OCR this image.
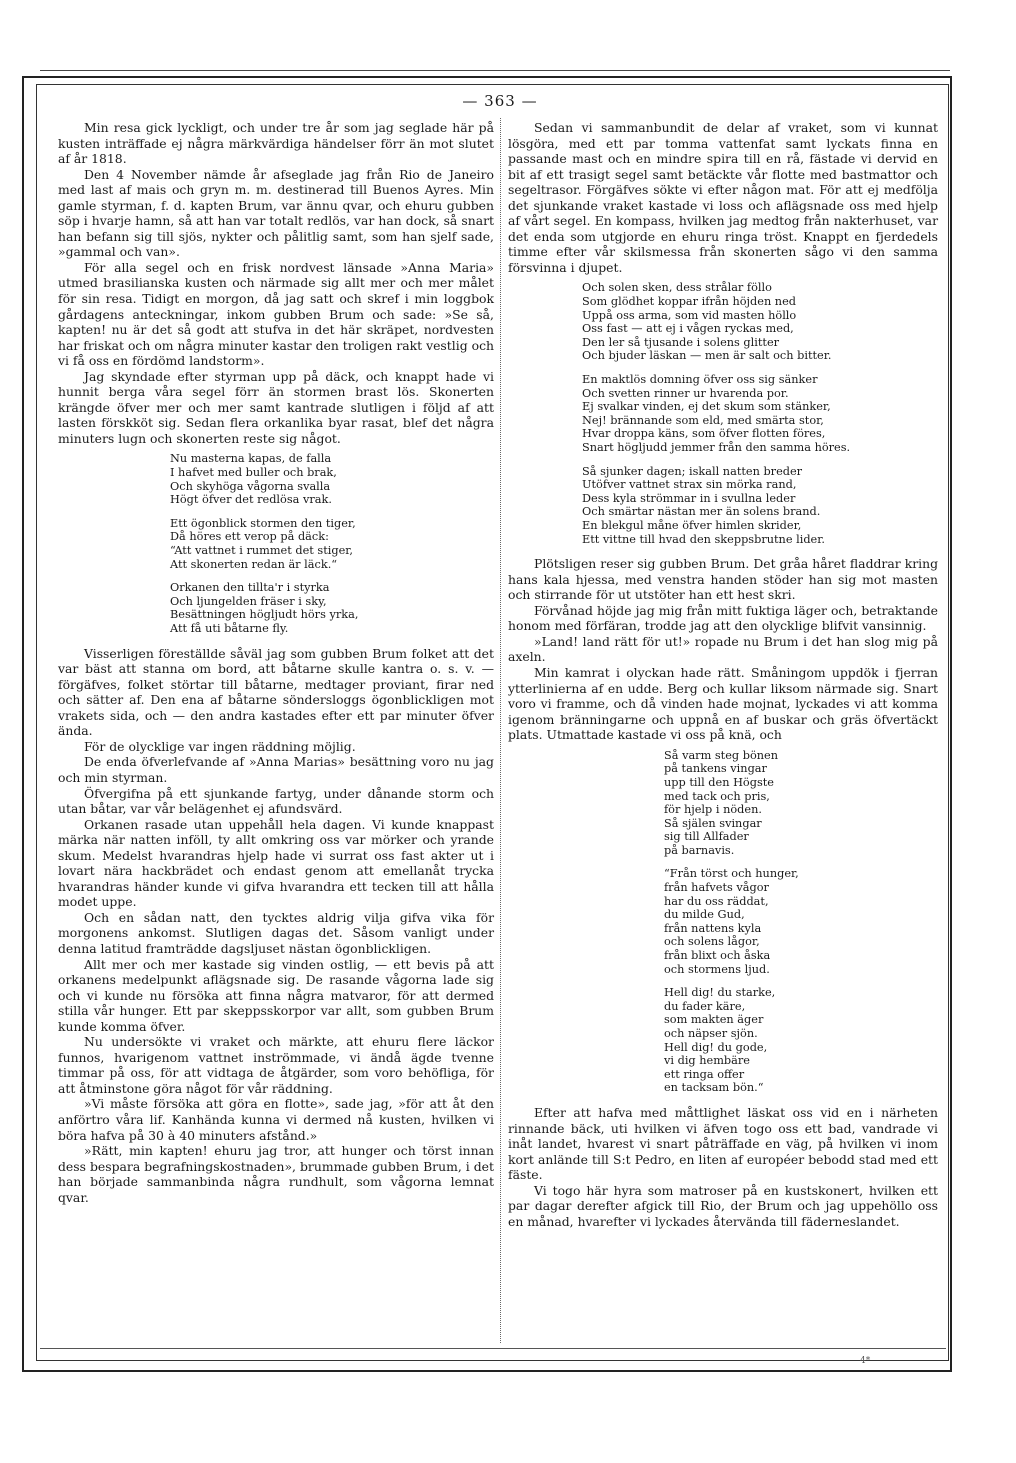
— 363 —

Min resa gick lyckligt, och under tre år som jag seglade här på kusten inträffade ej några märkvärdiga händelser förr än mot slutet af år 1818.

Den 4 November nämde år afseglade jag från Rio de Janeiro med last af mais och gryn m. m. destinerad till Buenos Ayres. Min gamle styrman, f. d. kapten Brum, var ännu qvar, och ehuru gubben söp i hvarje hamn, så att han var totalt redlös, var han dock, så snart han befann sig till sjös, nykter och pålitlig samt, som han sjelf sade, »gammal och van».

För alla segel och en frisk nordvest länsade »Anna Maria» utmed brasilianska kusten och närmade sig allt mer och mer målet för sin resa. Tidigt en morgon, då jag satt och skref i min loggbok gårdagens anteckningar, inkom gubben Brum och sade: »Se så, kapten! nu är det så godt att stufva in det här skräpet, nordvesten har friskat och om några minuter kastar den troligen rakt vestlig och vi få oss en fördömd landstorm».

Jag skyndade efter styrman upp på däck, och knappt hade vi hunnit berga våra segel förr än stormen brast lös. Skonerten krängde öfver mer och mer samt kantrade slutligen i följd af att lasten förskköt sig. Sedan flera orkanlika byar rasat, blef det några minuters lugn och skonerten reste sig något.

Nu masterna kapas, de falla
I hafvet med buller och brak,
Och skyhöga vågorna svalla
Högt öfver det redlösa vrak.
Ett ögonblick stormen den tiger,
Då höres ett verop på däck:
“Att vattnet i rummet det stiger,
Att skonerten redan är läck.“
Orkanen den tillta'r i styrka
Och ljungelden fräser i sky,
Besättningen högljudt hörs yrka,
Att få uti båtarne fly.

Visserligen föreställde såväl jag som gubben Brum folket att det var bäst att stanna om bord, att båtarne skulle kantra o. s. v. — förgäfves, folket störtar till båtarne, medtager proviant, firar ned och sätter af. Den ena af båtarne söndersloggs ögonblickligen mot vrakets sida, och — den andra kastades efter ett par minuter öfver ända.

För de olycklige var ingen räddning möjlig.

De enda öfverlefvande af »Anna Marias» besättning voro nu jag och min styrman.

Öfvergifna på ett sjunkande fartyg, under dånande storm och utan båtar, var vår belägenhet ej afundsvärd.

Orkanen rasade utan uppehåll hela dagen. Vi kunde knappast märka när natten inföll, ty allt omkring oss var mörker och yrande skum. Medelst hvarandras hjelp hade vi surrat oss fast akter ut i lovart nära hackbrädet och endast genom att emellanåt trycka hvarandras händer kunde vi gifva hvarandra ett tecken till att hålla modet uppe.

Och en sådan natt, den tycktes aldrig vilja gifva vika för morgonens ankomst. Slutligen dagas det. Såsom vanligt under denna latitud framträdde dagsljuset nästan ögonblickligen.

Allt mer och mer kastade sig vinden ostlig, — ett bevis på att orkanens medelpunkt aflägsnade sig. De rasande vågorna lade sig och vi kunde nu försöka att finna några matvaror, för att dermed stilla vår hunger. Ett par skeppsskorpor var allt, som gubben Brum kunde komma öfver.

Nu undersökte vi vraket och märkte, att ehuru flere läckor funnos, hvarigenom vattnet inströmmade, vi ändå ägde tvenne timmar på oss, för att vidtaga de åtgärder, som voro behöfliga, för att åtminstone göra något för vår räddning.

»Vi måste försöka att göra en flotte», sade jag, »för att åt den anförtro våra lif. Kanhända kunna vi dermed nå kusten, hvilken vi böra hafva på 30 à 40 minuters afstånd.»

»Rätt, min kapten! ehuru jag tror, att hunger och törst innan dess bespara begrafningskostnaden», brummade gubben Brum, i det han började sammanbinda några rundhult, som vågorna lemnat qvar.

Sedan vi sammanbundit de delar af vraket, som vi kunnat lösgöra, med ett par tomma vattenfat samt lyckats finna en passande mast och en mindre spira till en rå, fästade vi dervid en bit af ett trasigt segel samt betäckte vår flotte med bastmattor och segeltrasor. Förgäfves sökte vi efter någon mat. För att ej medfölja det sjunkande vraket kastade vi loss och aflägsnade oss med hjelp af vårt segel. En kompass, hvilken jag medtog från nakterhuset, var det enda som utgjorde en ehuru ringa tröst. Knappt en fjerdedels timme efter vår skilsmessa från skonerten sågo vi den samma försvinna i djupet.

Och solen sken, dess strålar föllo
Som glödhet koppar ifrån höjden ned
Uppå oss arma, som vid masten höllo
Oss fast — att ej i vågen ryckas med,
Den ler så tjusande i solens glitter
Och bjuder läskan — men är salt och bitter.
En maktlös domning öfver oss sig sänker
Och svetten rinner ur hvarenda por.
Ej svalkar vinden, ej det skum som stänker,
Nej! brännande som eld, med smärta stor,
Hvar droppa käns, som öfver flotten föres,
Snart högljudd jemmer från den samma höres.
Så sjunker dagen; iskall natten breder
Utöfver vattnet strax sin mörka rand,
Dess kyla strömmar in i svullna leder
Och smärtar nästan mer än solens brand.
En blekgul måne öfver himlen skrider,
Ett vittne till hvad den skeppsbrutne lider.

Plötsligen reser sig gubben Brum. Det gråa håret fladdrar kring hans kala hjessa, med venstra handen stöder han sig mot masten och stirrande för ut utstöter han ett hest skri.

Förvånad höjde jag mig från mitt fuktiga läger och, betraktande honom med förfäran, trodde jag att den olycklige blifvit vansinnig.

»Land! land rätt för ut!» ropade nu Brum i det han slog mig på axeln.

Min kamrat i olyckan hade rätt. Småningom uppdök i fjerran ytterlinierna af en udde. Berg och kullar liksom närmade sig. Snart voro vi framme, och då vinden hade mojnat, lyckades vi att komma igenom bränningarne och uppnå en af buskar och gräs öfvertäckt plats. Utmattade kastade vi oss på knä, och

Så varm steg bönen
på tankens vingar
upp till den Högste
med tack och pris,
för hjelp i nöden.
Så själen svingar
sig till Allfader
på barnavis.
“Från törst och hunger,
från hafvets vågor
har du oss räddat,
du milde Gud,
från nattens kyla
och solens lågor,
från blixt och åska
och stormens ljud.
Hell dig! du starke,
du fader käre,
som makten äger
och näpser sjön.
Hell dig! du gode,
vi dig hembäre
ett ringa offer
en tacksam bön.“

Efter att hafva med måttlighet läskat oss vid en i närheten rinnande bäck, uti hvilken vi äfven togo oss ett bad, vandrade vi inåt landet, hvarest vi snart påträffade en väg, på hvilken vi inom kort anlände till S:t Pedro, en liten af européer bebodd stad med ett fäste.

Vi togo här hyra som matroser på en kustskonert, hvilken ett par dagar derefter afgick till Rio, der Brum och jag uppehöllo oss en månad, hvarefter vi lyckades återvända till fäderneslandet.

4*
